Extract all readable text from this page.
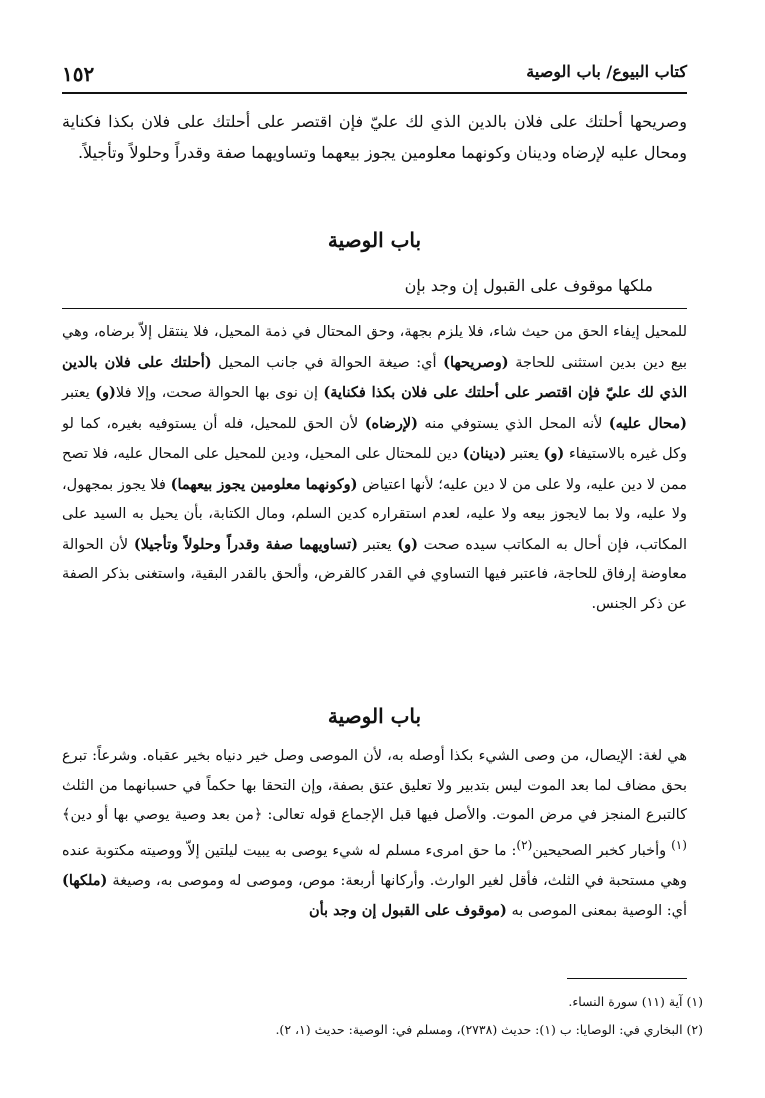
كتاب البيوع/ باب الوصية
١٥٢
وصريحها أحلتك على فلان بالدين الذي لك عليّ فإن اقتصر على أحلتك على فلان بكذا فكناية ومحال عليه لإرضاه ودينان وكونهما معلومين يجوز بيعهما وتساويهما صفة وقدراً وحلولاً وتأجيلاً.
باب الوصية
ملكها موقوف على القبول إن وجد بإن
للمحيل إيفاء الحق من حيث شاء، فلا يلزم بجهة، وحق المحتال في ذمة المحيل، فلا ينتقل إلاّ برضاه، وهي بيع دين بدين استثنى للحاجة (وصريحها) أي: صيغة الحوالة في جانب المحيل (أحلتك على فلان بالدين الذي لك عليّ فإن اقتصر على أحلتك على فلان بكذا فكناية) إن نوى بها الحوالة صحت، وإلا فلا(و) يعتبر (محال عليه) لأنه المحل الذي يستوفي منه (لإرضاه) لأن الحق للمحيل، فله أن يستوفيه بغيره، كما لو وكل غيره بالاستيفاء (و) يعتبر (دينان) دين للمحتال على المحيل، ودين للمحيل على المحال عليه، فلا تصح ممن لا دين عليه، ولا على من لا دين عليه؛ لأنها اعتياض (وكونهما معلومين يجوز بيعهما) فلا يجوز بمجهول، ولا عليه، ولا بما لايجوز بيعه ولا عليه، لعدم استقراره كدين السلم، ومال الكتابة، بأن يحيل به السيد على المكاتب، فإن أحال به المكاتب سيده صحت (و) يعتبر (تساويهما صفة وقدراً وحلولاً وتأجيلا) لأن الحوالة معاوضة إرفاق للحاجة، فاعتبر فيها التساوي في القدر كالقرض، وألحق بالقدر البقية، واستغنى بذكر الصفة عن ذكر الجنس.
باب الوصية
هي لغة: الإيصال، من وصى الشيء بكذا أوصله به، لأن الموصى وصل خير دنياه بخير عقباه. وشرعاً: تبرع بحق مضاف لما بعد الموت ليس بتدبير ولا تعليق عتق بصفة، وإن التحقا بها حكماً في حسبانهما من الثلث كالتبرع المنجز في مرض الموت. والأصل فيها قبل الإجماع قوله تعالى: ﴿من بعد وصية يوصي بها أو دين﴾$^{(١)}$ وأخبار كخبر الصحيحين$^{(٢)}$: ما حق امرىء مسلم له شيء يوصى به يبيت ليلتين إلاّ ووصيته مكتوبة عنده وهي مستحبة في الثلث، فأقل لغير الوارث. وأركانها أربعة: موص، وموصى له وموصى به، وصيغة (ملكها) أي: الوصية بمعنى الموصى به (موقوف على القبول إن وجد بأن
(١) آية (١١) سورة النساء.
(٢) البخاري في: الوصايا: ب (١): حديث (٢٧٣٨)، ومسلم في: الوصية: حديث (١، ٢).
